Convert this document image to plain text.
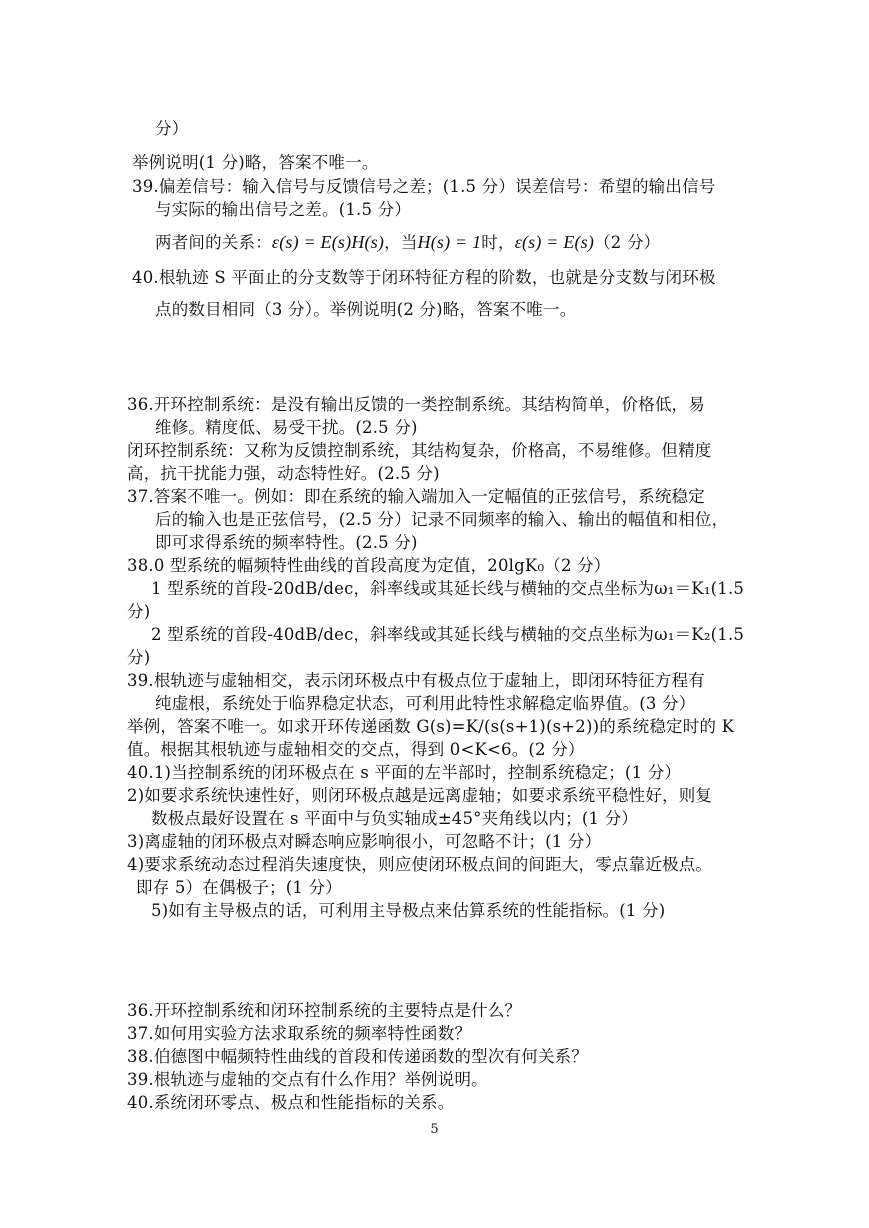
分）
举例说明(1 分)略，答案不唯一。
39.偏差信号：输入信号与反馈信号之差；(1.5 分）误差信号：希望的输出信号
与实际的输出信号之差。(1.5 分）
两者间的关系：ε(s) = E(s)H(s)，当H(s) = 1时，ε(s) = E(s)（2 分）
40.根轨迹 S 平面止的分支数等于闭环特征方程的阶数，也就是分支数与闭环极
点的数目相同（3 分）。举例说明(2 分)略，答案不唯一。
36.开环控制系统：是没有输出反馈的一类控制系统。其结构简单，价格低，易
维修。精度低、易受干扰。(2.5 分)
闭环控制系统：又称为反馈控制系统，其结构复杂，价格高，不易维修。但精度
高，抗干扰能力强，动态特性好。(2.5 分)
37.答案不唯一。例如：即在系统的输入端加入一定幅值的正弦信号，系统稳定
后的输入也是正弦信号，(2.5 分）记录不同频率的输入、输出的幅值和相位，
即可求得系统的频率特性。(2.5 分)
38.0 型系统的幅频特性曲线的首段高度为定值，20lgK₀（2 分）
1 型系统的首段-20dB/dec，斜率线或其延长线与横轴的交点坐标为ω₁＝K₁(1.5
分)
2 型系统的首段-40dB/dec，斜率线或其延长线与横轴的交点坐标为ω₁＝K₂(1.5
分)
39.根轨迹与虚轴相交，表示闭环极点中有极点位于虚轴上，即闭环特征方程有
纯虚根，系统处于临界稳定状态，可利用此特性求解稳定临界值。(3 分）
举例，答案不唯一。如求开环传递函数 G(s)=K/(s(s+1)(s+2))的系统稳定时的 K
值。根据其根轨迹与虚轴相交的交点，得到 0<K<6。(2 分）
40.1)当控制系统的闭环极点在 s 平面的左半部时，控制系统稳定；(1 分）
2)如要求系统快速性好，则闭环极点越是远离虚轴；如要求系统平稳性好，则复
数极点最好设置在 s 平面中与负实轴成±45°夹角线以内；(1 分）
3)离虚轴的闭环极点对瞬态响应影响很小，可忽略不计；(1 分）
4)要求系统动态过程消失速度快，则应使闭环极点间的间距大，零点靠近极点。
即存 5）在偶极子；(1 分）
5)如有主导极点的话，可利用主导极点来估算系统的性能指标。(1 分)
36.开环控制系统和闭环控制系统的主要特点是什么？
37.如何用实验方法求取系统的频率特性函数？
38.伯德图中幅频特性曲线的首段和传递函数的型次有何关系？
39.根轨迹与虚轴的交点有什么作用？举例说明。
40.系统闭环零点、极点和性能指标的关系。
5
